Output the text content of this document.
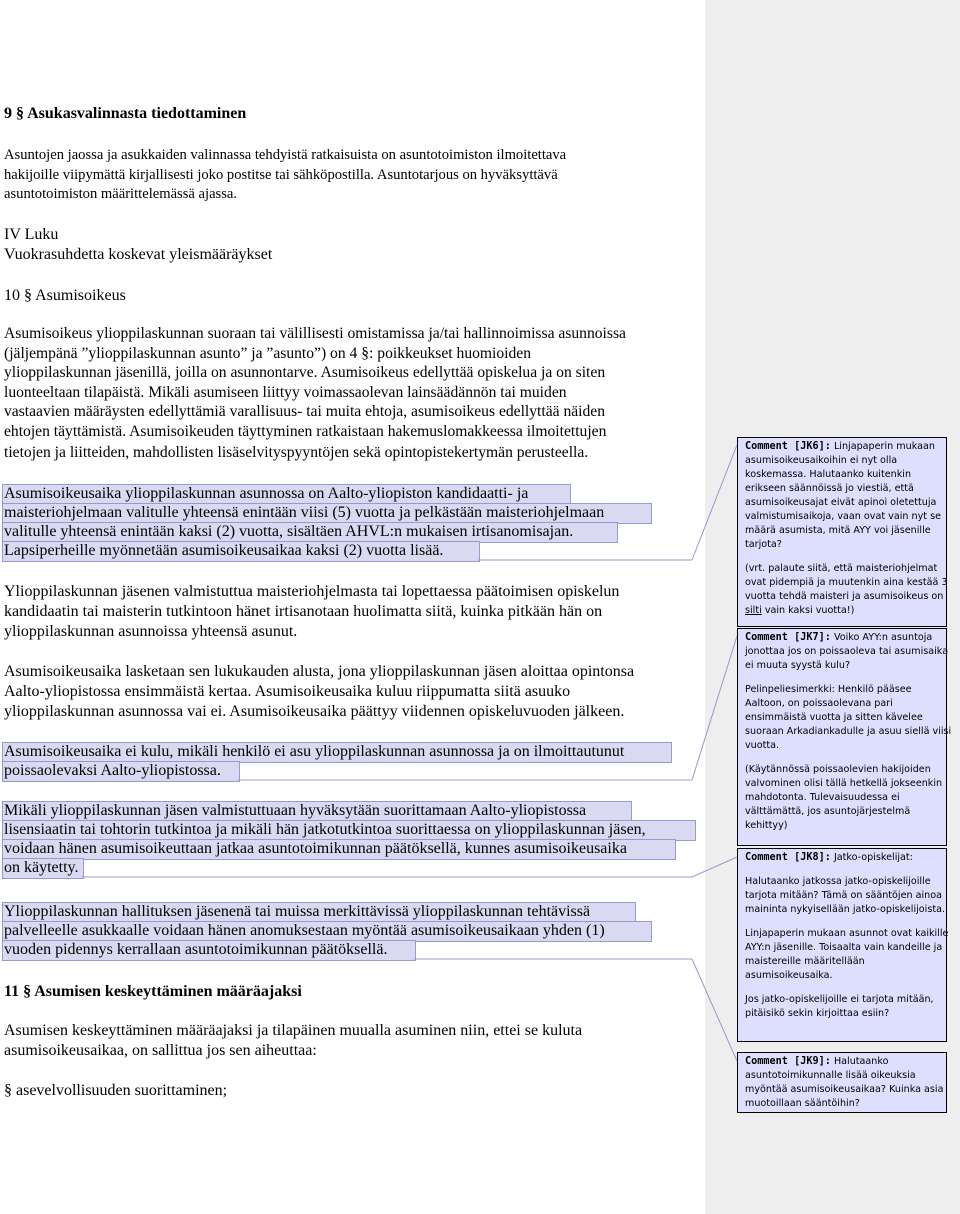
9 § Asukasvalinnasta tiedottaminen

Asuntojen jaossa ja asukkaiden valinnassa tehdyistä ratkaisuista on asuntotoimiston ilmoitettava

hakijoille viipymättä kirjallisesti joko postitse tai sähköpostilla. Asuntotarjous on hyväksyttävä

asuntotoimiston määrittelemässä ajassa.

IV Luku

Vuokrasuhdetta koskevat yleismääräykset

10 § Asumisoikeus

Asumisoikeus ylioppilaskunnan suoraan tai välillisesti omistamissa ja/tai hallinnoimissa asunnoissa

(jäljempänä ”ylioppilaskunnan asunto” ja ”asunto”) on 4 §: poikkeukset huomioiden

ylioppilaskunnan jäsenillä, joilla on asunnontarve. Asumisoikeus edellyttää opiskelua ja on siten

luonteeltaan tilapäistä. Mikäli asumiseen liittyy voimassaolevan lainsäädännön tai muiden

vastaavien määräysten edellyttämiä varallisuus- tai muita ehtoja, asumisoikeus edellyttää näiden

ehtojen täyttämistä. Asumisoikeuden täyttyminen ratkaistaan hakemuslomakkeessa ilmoitettujen

tietojen ja liitteiden, mahdollisten lisäselvityspyyntöjen sekä opintopistekertymän perusteella.

Asumisoikeusaika ylioppilaskunnan asunnossa on Aalto-yliopiston kandidaatti- ja

maisteriohjelmaan valitulle yhteensä enintään viisi (5) vuotta ja pelkästään maisteriohjelmaan

valitulle yhteensä enintään kaksi (2) vuotta, sisältäen AHVL:n mukaisen irtisanomisajan.

Lapsiperheille myönnetään asumisoikeusaikaa kaksi (2) vuotta lisää.

Ylioppilaskunnan jäsenen valmistuttua maisteriohjelmasta tai lopettaessa päätoimisen opiskelun

kandidaatin tai maisterin tutkintoon hänet irtisanotaan huolimatta siitä, kuinka pitkään hän on

ylioppilaskunnan asunnoissa yhteensä asunut.

Asumisoikeusaika lasketaan sen lukukauden alusta, jona ylioppilaskunnan jäsen aloittaa opintonsa

Aalto-yliopistossa ensimmäistä kertaa. Asumisoikeusaika kuluu riippumatta siitä asuuko

ylioppilaskunnan asunnossa vai ei. Asumisoikeusaika päättyy viidennen opiskeluvuoden jälkeen.

Asumisoikeusaika ei kulu, mikäli henkilö ei asu ylioppilaskunnan asunnossa ja on ilmoittautunut

poissaolevaksi Aalto-yliopistossa.

Mikäli ylioppilaskunnan jäsen valmistuttuaan hyväksytään suorittamaan Aalto-yliopistossa

lisensiaatin tai tohtorin tutkintoa ja mikäli hän jatkotutkintoa suorittaessa on ylioppilaskunnan jäsen,

voidaan hänen asumisoikeuttaan jatkaa asuntotoimikunnan päätöksellä, kunnes asumisoikeusaika

on käytetty.

Ylioppilaskunnan hallituksen jäsenenä tai muissa merkittävissä ylioppilaskunnan tehtävissä

palvelleelle asukkaalle voidaan hänen anomuksestaan myöntää asumisoikeusaikaan yhden (1)

vuoden pidennys kerrallaan asuntotoimikunnan päätöksellä.

11 § Asumisen keskeyttäminen määräajaksi

Asumisen keskeyttäminen määräajaksi ja tilapäinen muualla asuminen niin, ettei se kuluta

asumisoikeusaikaa, on sallittua jos sen aiheuttaa:

§ asevelvollisuuden suorittaminen;

Comment [JK6]: Linjapaperin mukaan

asumisoikeusaikoihin ei nyt olla

koskemassa. Halutaanko kuitenkin

erikseen säännöissä jo viestiä, että

asumisoikeusajat eivät apinoi oletettuja

valmistumisaikoja, vaan ovat vain nyt se

määrä asumista, mitä AYY voi jäsenille

tarjota?

(vrt. palaute siitä, että maisteriohjelmat

ovat pidempiä ja muutenkin aina kestää 3

vuotta tehdä maisteri ja asumisoikeus on

silti vain kaksi vuotta!)

Comment [JK7]: Voiko AYY:n asuntoja

jonottaa jos on poissaoleva tai asumisaika

ei muuta syystä kulu?

Pelinpeliesimerkki: Henkilö pääsee

Aaltoon, on poissaolevana pari

ensimmäistä vuotta ja sitten kävelee

suoraan Arkadiankadulle ja asuu siellä viisi

vuotta.

(Käytännössä poissaolevien hakijoiden

valvominen olisi tällä hetkellä jokseenkin

mahdotonta. Tulevaisuudessa ei

välttämättä, jos asuntojärjestelmä

kehittyy)

Comment [JK8]: Jatko-opiskelijat:

Halutaanko jatkossa jatko-opiskelijoille

tarjota mitään? Tämä on sääntöjen ainoa

maininta nykyisellään jatko-opiskelijoista.

Linjapaperin mukaan asunnot ovat kaikille

AYY:n jäsenille. Toisaalta vain kandeille ja

maistereille määritellään

asumisoikeusaika.

Jos jatko-opiskelijoille ei tarjota mitään,

pitäisikö sekin kirjoittaa esiin?

Comment [JK9]: Halutaanko

asuntotoimikunnalle lisää oikeuksia

myöntää asumisoikeusaikaa? Kuinka asia

muotoillaan sääntöihin?
